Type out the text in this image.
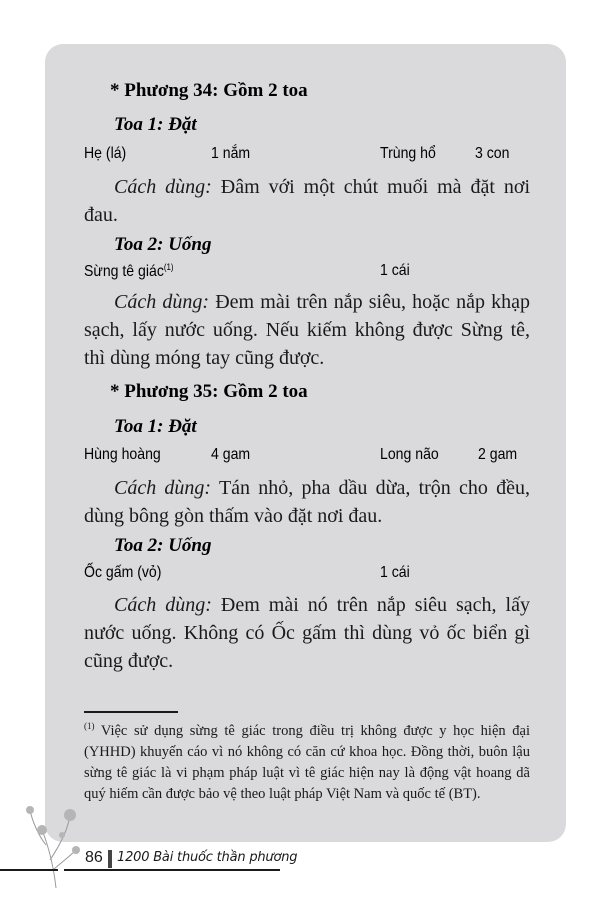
* Phương 34: Gồm 2 toa
Toa 1: Đặt
Hẹ (lá)	1 nắm	Trùng hổ 3 con
Cách dùng: Đâm với một chút muối mà đặt nơi đau.
Toa 2: Uống
Sừng tê giác$^{(1)}$	1 cái
Cách dùng: Đem mài trên nắp siêu, hoặc nắp khạp sạch, lấy nước uống. Nếu kiếm không được Sừng tê, thì dùng móng tay cũng được.
* Phương 35: Gồm 2 toa
Toa 1: Đặt
Hùng hoàng	4 gam	Long não 2 gam
Cách dùng: Tán nhỏ, pha dầu dừa, trộn cho đều, dùng bông gòn thấm vào đặt nơi đau.
Toa 2: Uống
Ốc gấm (vỏ)	1 cái
Cách dùng: Đem mài nó trên nắp siêu sạch, lấy nước uống. Không có Ốc gấm thì dùng vỏ ốc biển gì cũng được.
$^{(1)}$ Việc sử dụng sừng tê giác trong điều trị không được y học hiện đại (YHHD) khuyến cáo vì nó không có căn cứ khoa học. Đồng thời, buôn lậu sừng tê giác là vi phạm pháp luật vì tê giác hiện nay là động vật hoang dã quý hiếm cần được bảo vệ theo luật pháp Việt Nam và quốc tế (BT).
86 1200 Bài thuốc thần phương
